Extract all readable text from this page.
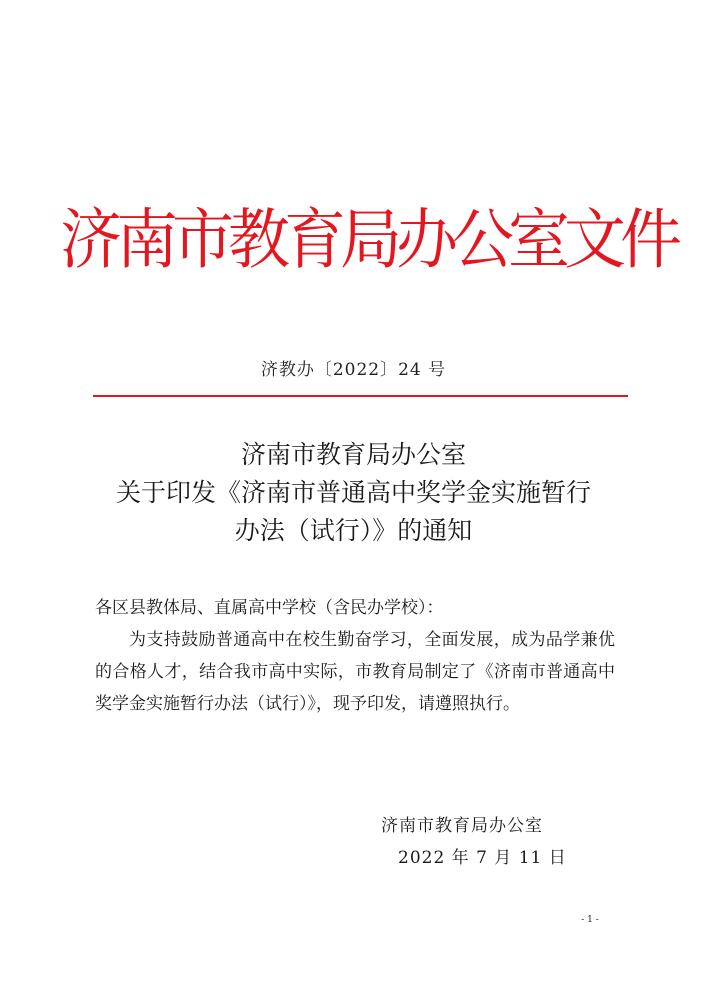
济南市教育局办公室文件
济教办〔2022〕24 号
济南市教育局办公室
关于印发《济南市普通高中奖学金实施暂行
办法（试行）》的通知
各区县教体局、直属高中学校（含民办学校）：
为支持鼓励普通高中在校生勤奋学习，全面发展，成为品学兼优的合格人才，结合我市高中实际，市教育局制定了《济南市普通高中奖学金实施暂行办法（试行）》，现予印发，请遵照执行。
济南市教育局办公室
2022 年 7 月 11 日
- 1 -
